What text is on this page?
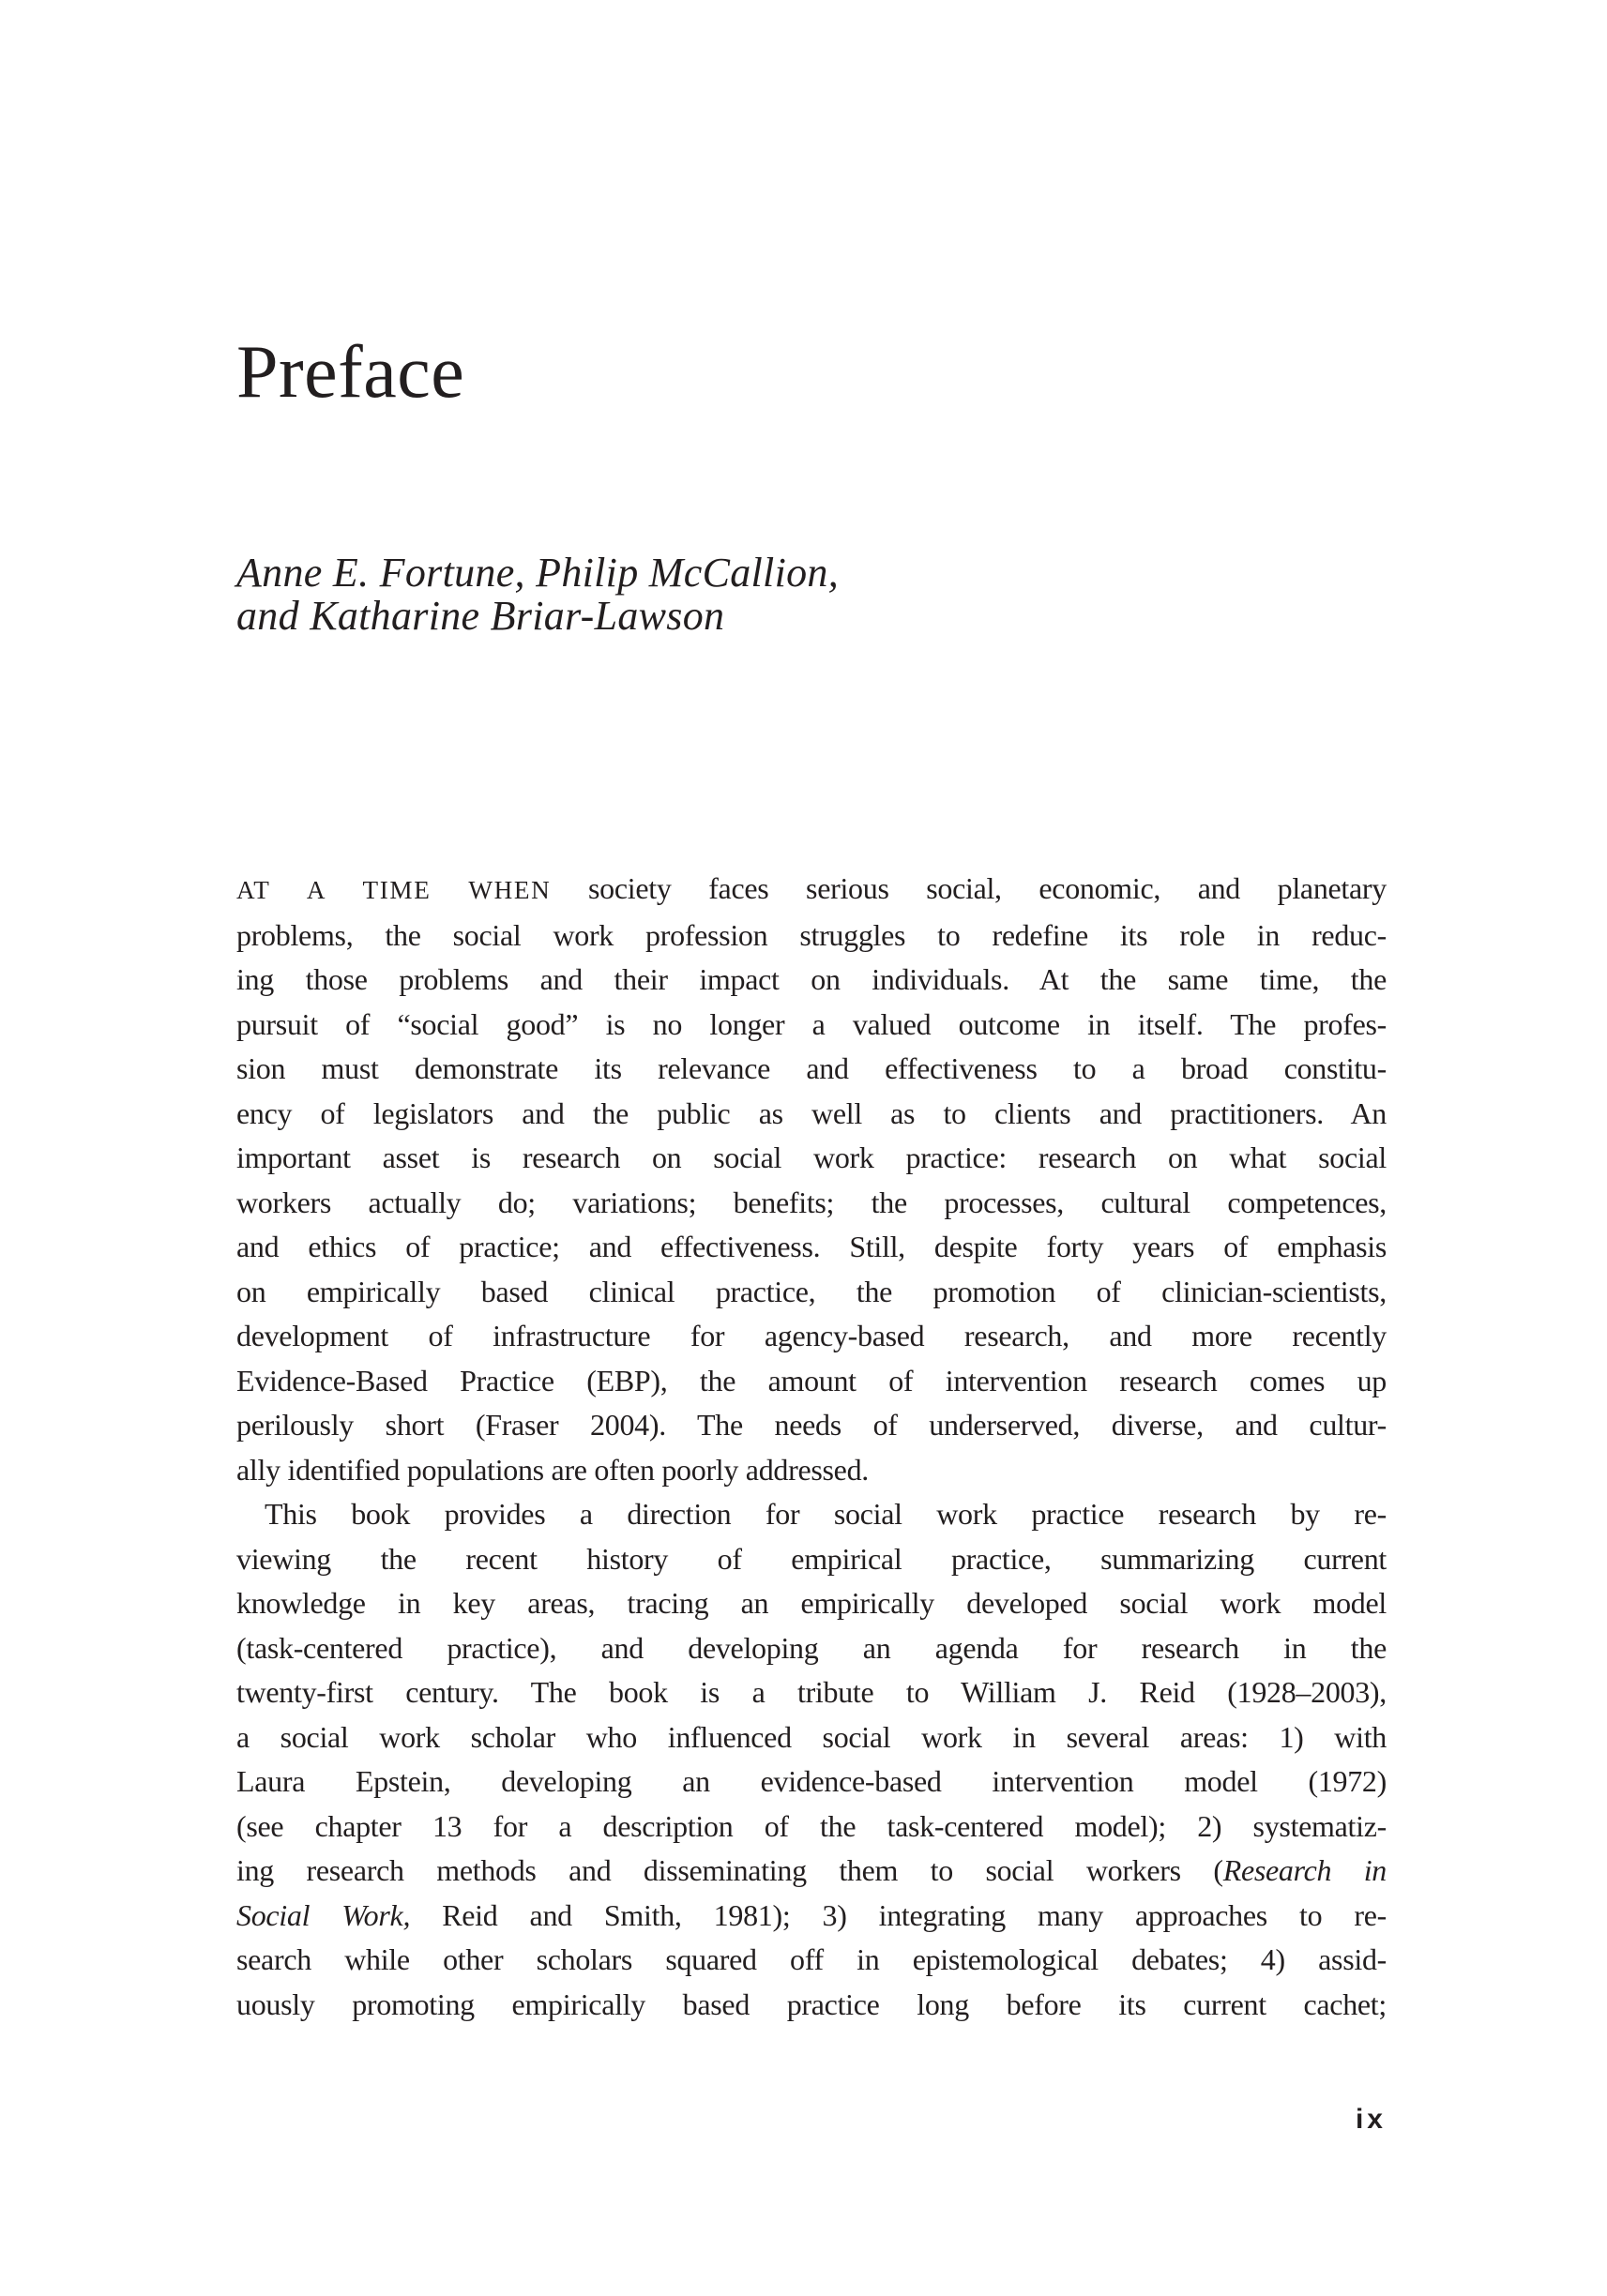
Preface
Anne E. Fortune, Philip McCallion,
and Katharine Briar-Lawson
AT A TIME WHEN society faces serious social, economic, and planetary
problems, the social work profession struggles to redefine its role in reduc-
ing those problems and their impact on individuals. At the same time, the
pursuit of “social good” is no longer a valued outcome in itself. The profes-
sion must demonstrate its relevance and effectiveness to a broad constitu-
ency of legislators and the public as well as to clients and practitioners. An
important asset is research on social work practice: research on what social
workers actually do; variations; benefits; the processes, cultural competences,
and ethics of practice; and effectiveness. Still, despite forty years of emphasis
on empirically based clinical practice, the promotion of clinician-scientists,
development of infrastructure for agency-based research, and more recently
Evidence-Based Practice (EBP), the amount of intervention research comes up
perilously short (Fraser 2004). The needs of underserved, diverse, and cultur-
ally identified populations are often poorly addressed.
This book provides a direction for social work practice research by re-
viewing the recent history of empirical practice, summarizing current
knowledge in key areas, tracing an empirically developed social work model
(task-centered practice), and developing an agenda for research in the
twenty-first century. The book is a tribute to William J. Reid (1928–2003),
a social work scholar who influenced social work in several areas: 1) with
Laura Epstein, developing an evidence-based intervention model (1972)
(see chapter 13 for a description of the task-centered model); 2) systematiz-
ing research methods and disseminating them to social workers (Research in
Social Work, Reid and Smith, 1981); 3) integrating many approaches to re-
search while other scholars squared off in epistemological debates; 4) assid-
uously promoting empirically based practice long before its current cachet;
ix
